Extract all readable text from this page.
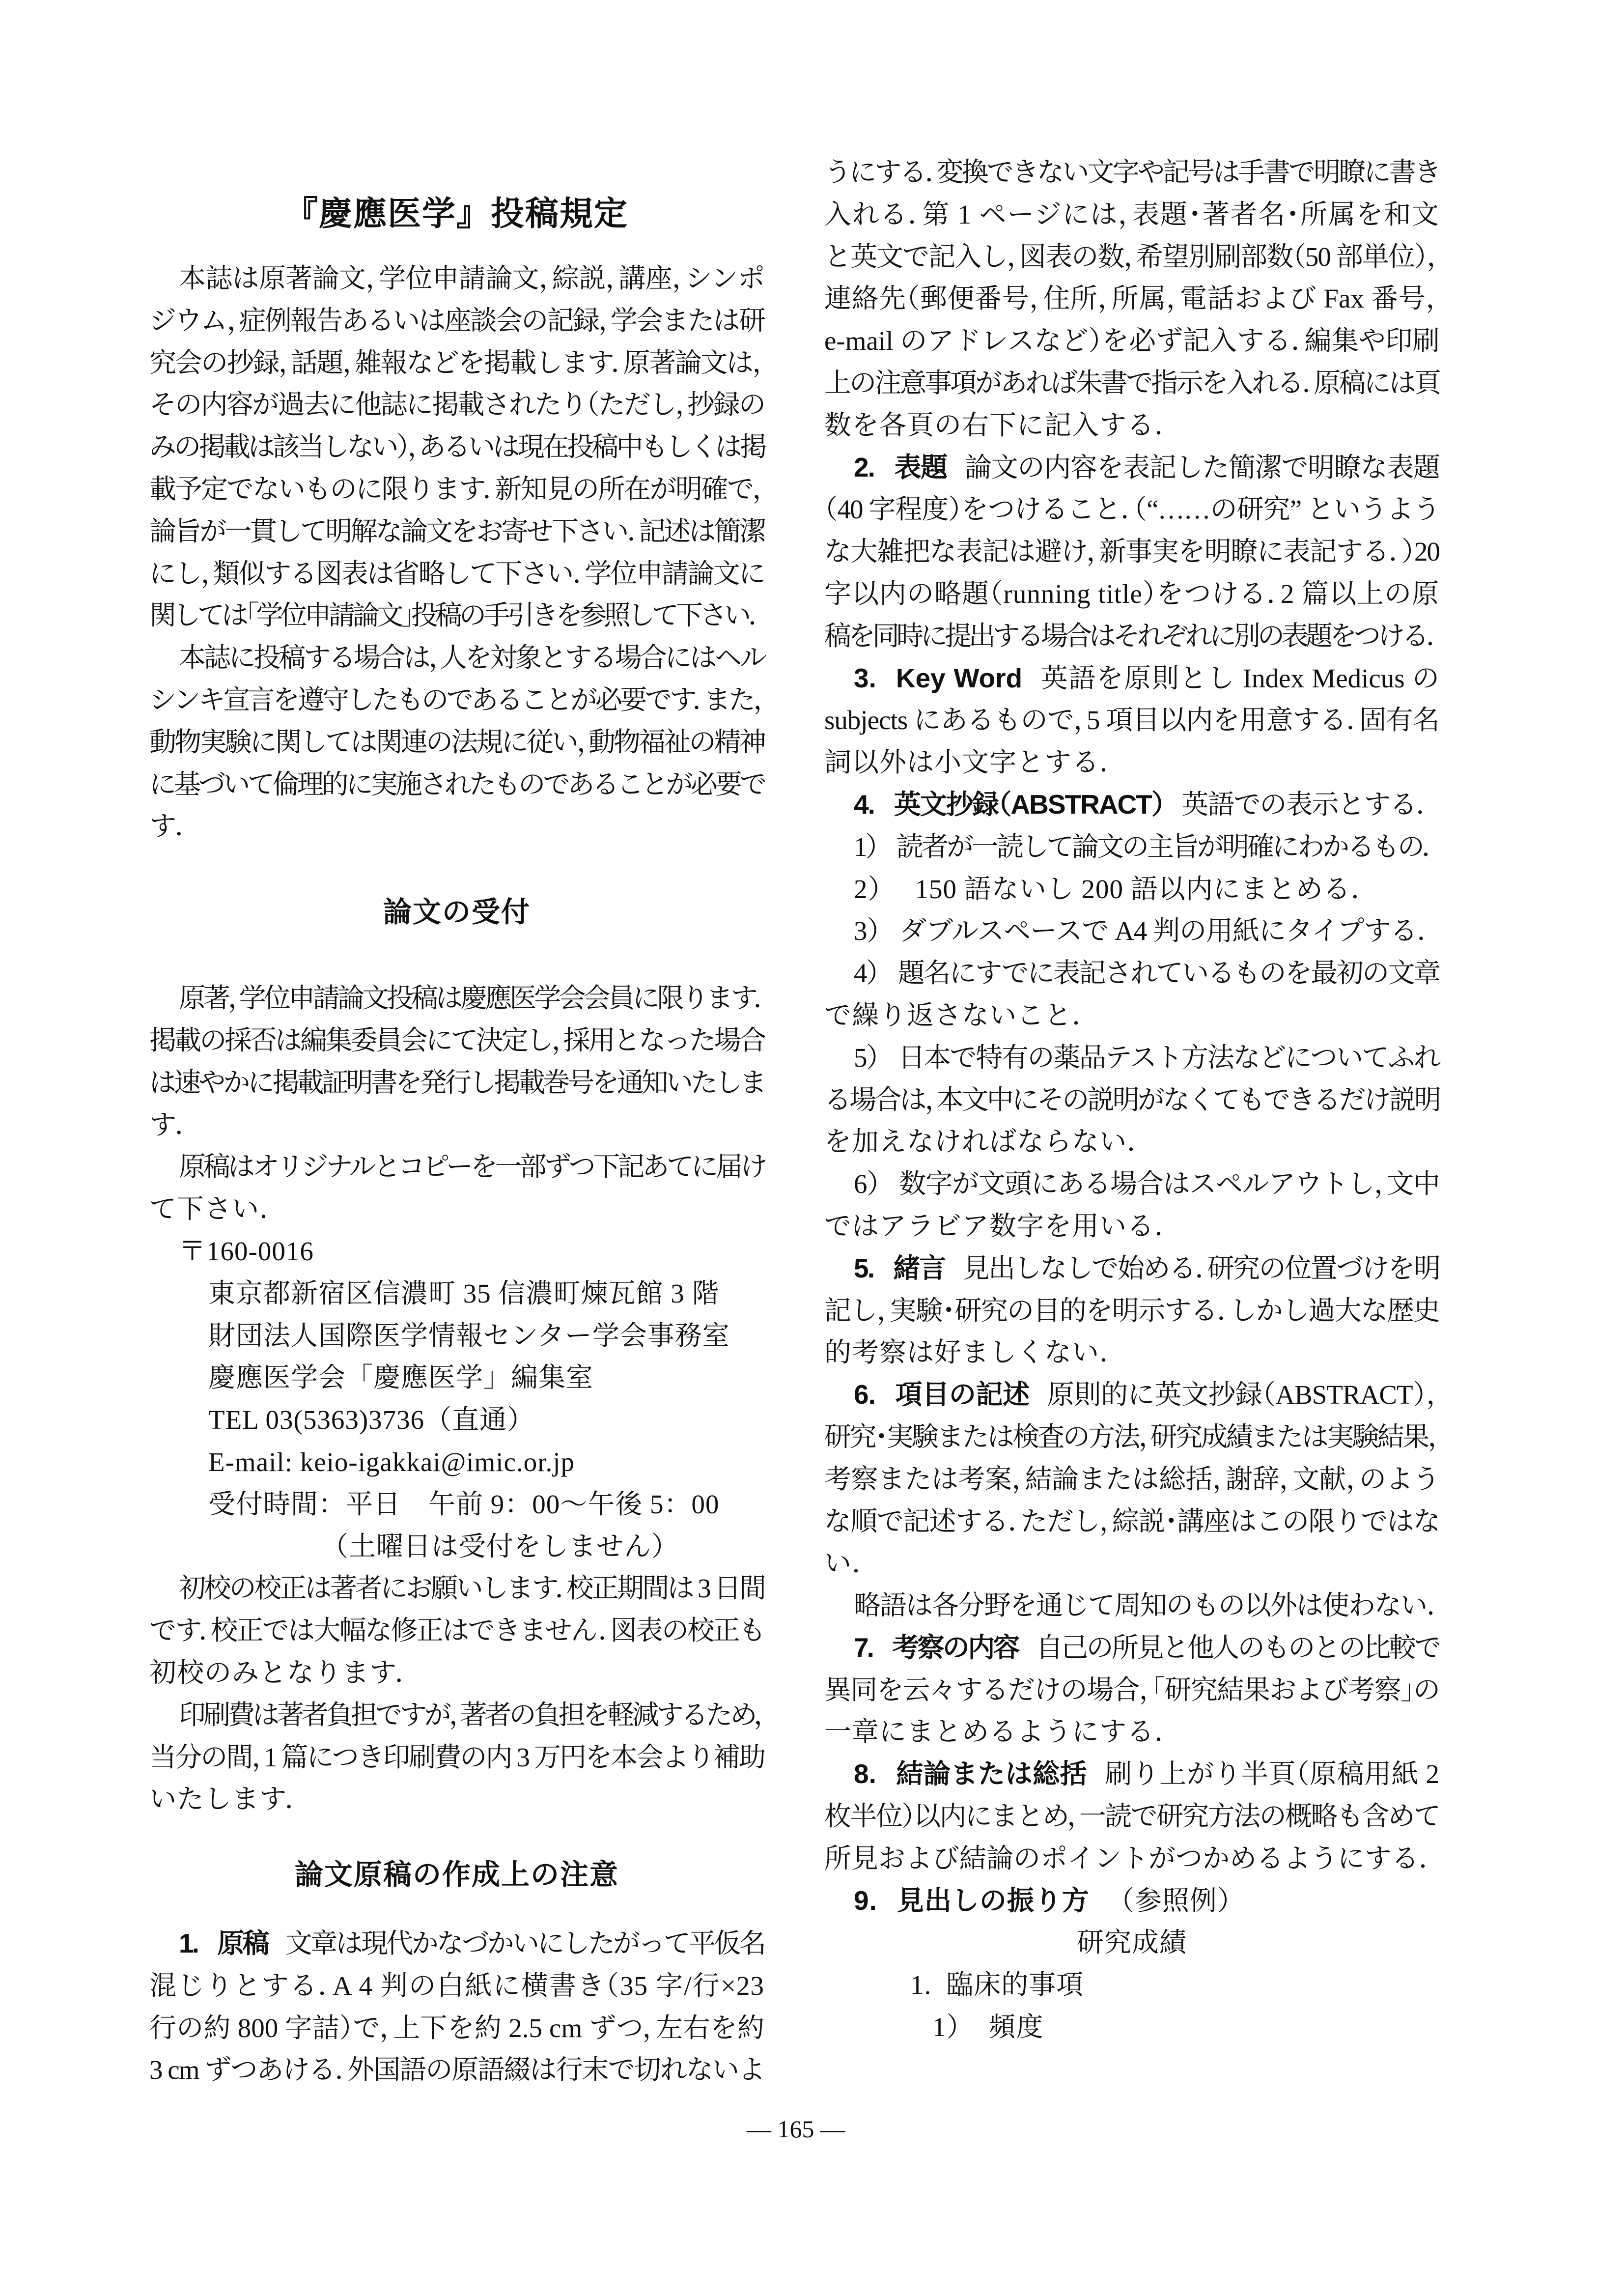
『慶應医学』投稿規定
本誌は原著論文，学位申請論文，綜説，講座，シンポ
ジウム，症例報告あるいは座談会の記録，学会または研
究会の抄録，話題，雑報などを掲載します．原著論文は，
その内容が過去に他誌に掲載されたり（ただし，抄録の
みの掲載は該当しない），あるいは現在投稿中もしくは掲
載予定でないものに限ります．新知見の所在が明確で，
論旨が一貫して明解な論文をお寄せ下さい．記述は簡潔
にし，類似する図表は省略して下さい．学位申請論文に
関しては「学位申請論文」投稿の手引きを参照して下さい．
本誌に投稿する場合は，人を対象とする場合にはヘル
シンキ宣言を遵守したものであることが必要です．また，
動物実験に関しては関連の法規に従い，動物福祉の精神
に基づいて倫理的に実施されたものであることが必要で
す．
論文の受付
原著，学位申請論文投稿は慶應医学会会員に限ります．
掲載の採否は編集委員会にて決定し，採用となった場合
は速やかに掲載証明書を発行し掲載巻号を通知いたしま
す．
原稿はオリジナルとコピーを一部ずつ下記あてに届け
て下さい．
〒160-0016
東京都新宿区信濃町 35 信濃町煉瓦館 3 階
財団法人国際医学情報センター学会事務室
慶應医学会「慶應医学」編集室
TEL 03(5363)3736（直通）
E-mail: keio-igakkai@imic.or.jp
受付時間：平日　午前 9：00〜午後 5：00
（土曜日は受付をしません）
初校の校正は著者にお願いします．校正期間は 3 日間
です．校正では大幅な修正はできません．図表の校正も
初校のみとなります．
印刷費は著者負担ですが，著者の負担を軽減するため，
当分の間，1 篇につき印刷費の内 3 万円を本会より補助
いたします．
論文原稿の作成上の注意
1. 原稿 文章は現代かなづかいにしたがって平仮名
混じりとする．A 4 判の白紙に横書き（35 字/行×23
行の約 800 字詰）で，上下を約 2.5 cm ずつ，左右を約
3 cm ずつあける．外国語の原語綴は行末で切れないよ
うにする．変換できない文字や記号は手書で明瞭に書き
入れる．第 1 ページには，表題・著者名・所属を和文
と英文で記入し，図表の数，希望別刷部数（50 部単位），
連絡先（郵便番号，住所，所属，電話および Fax 番号，
e-mail のアドレスなど）を必ず記入する．編集や印刷
上の注意事項があれば朱書で指示を入れる．原稿には頁
数を各頁の右下に記入する．
2. 表題 論文の内容を表記した簡潔で明瞭な表題
（40 字程度）をつけること．（“……の研究” というよう
な大雑把な表記は避け，新事実を明瞭に表記する．）20
字以内の略題（running title）をつける．2 篇以上の原
稿を同時に提出する場合はそれぞれに別の表題をつける．
3. Key Word 英語を原則とし Index Medicus の
subjects にあるもので，5 項目以内を用意する．固有名
詞以外は小文字とする．
4. 英文抄録（ABSTRACT） 英語での表示とする．
1） 読者が一読して論文の主旨が明確にわかるもの．
2） 150 語ないし 200 語以内にまとめる．
3） ダブルスペースで A4 判の用紙にタイプする．
4） 題名にすでに表記されているものを最初の文章
で繰り返さないこと．
5） 日本で特有の薬品テスト方法などについてふれ
る場合は，本文中にその説明がなくてもできるだけ説明
を加えなければならない．
6） 数字が文頭にある場合はスペルアウトし，文中
ではアラビア数字を用いる．
5. 緒言 見出しなしで始める．研究の位置づけを明
記し，実験・研究の目的を明示する．しかし過大な歴史
的考察は好ましくない．
6. 項目の記述 原則的に英文抄録（ABSTRACT），
研究・実験または検査の方法，研究成績または実験結果，
考察または考案，結論または総括，謝辞，文献，のよう
な順で記述する．ただし，綜説・講座はこの限りではな
い．
略語は各分野を通じて周知のもの以外は使わない．
7. 考察の内容 自己の所見と他人のものとの比較で
異同を云々するだけの場合，「研究結果および考察」の
一章にまとめるようにする．
8. 結論または総括 刷り上がり半頁（原稿用紙 2
枚半位）以内にまとめ，一読で研究方法の概略も含めて
所見および結論のポイントがつかめるようにする．
9. 見出しの振り方 （参照例）
研究成績
1. 臨床的事項
1） 頻度
— 165 —
